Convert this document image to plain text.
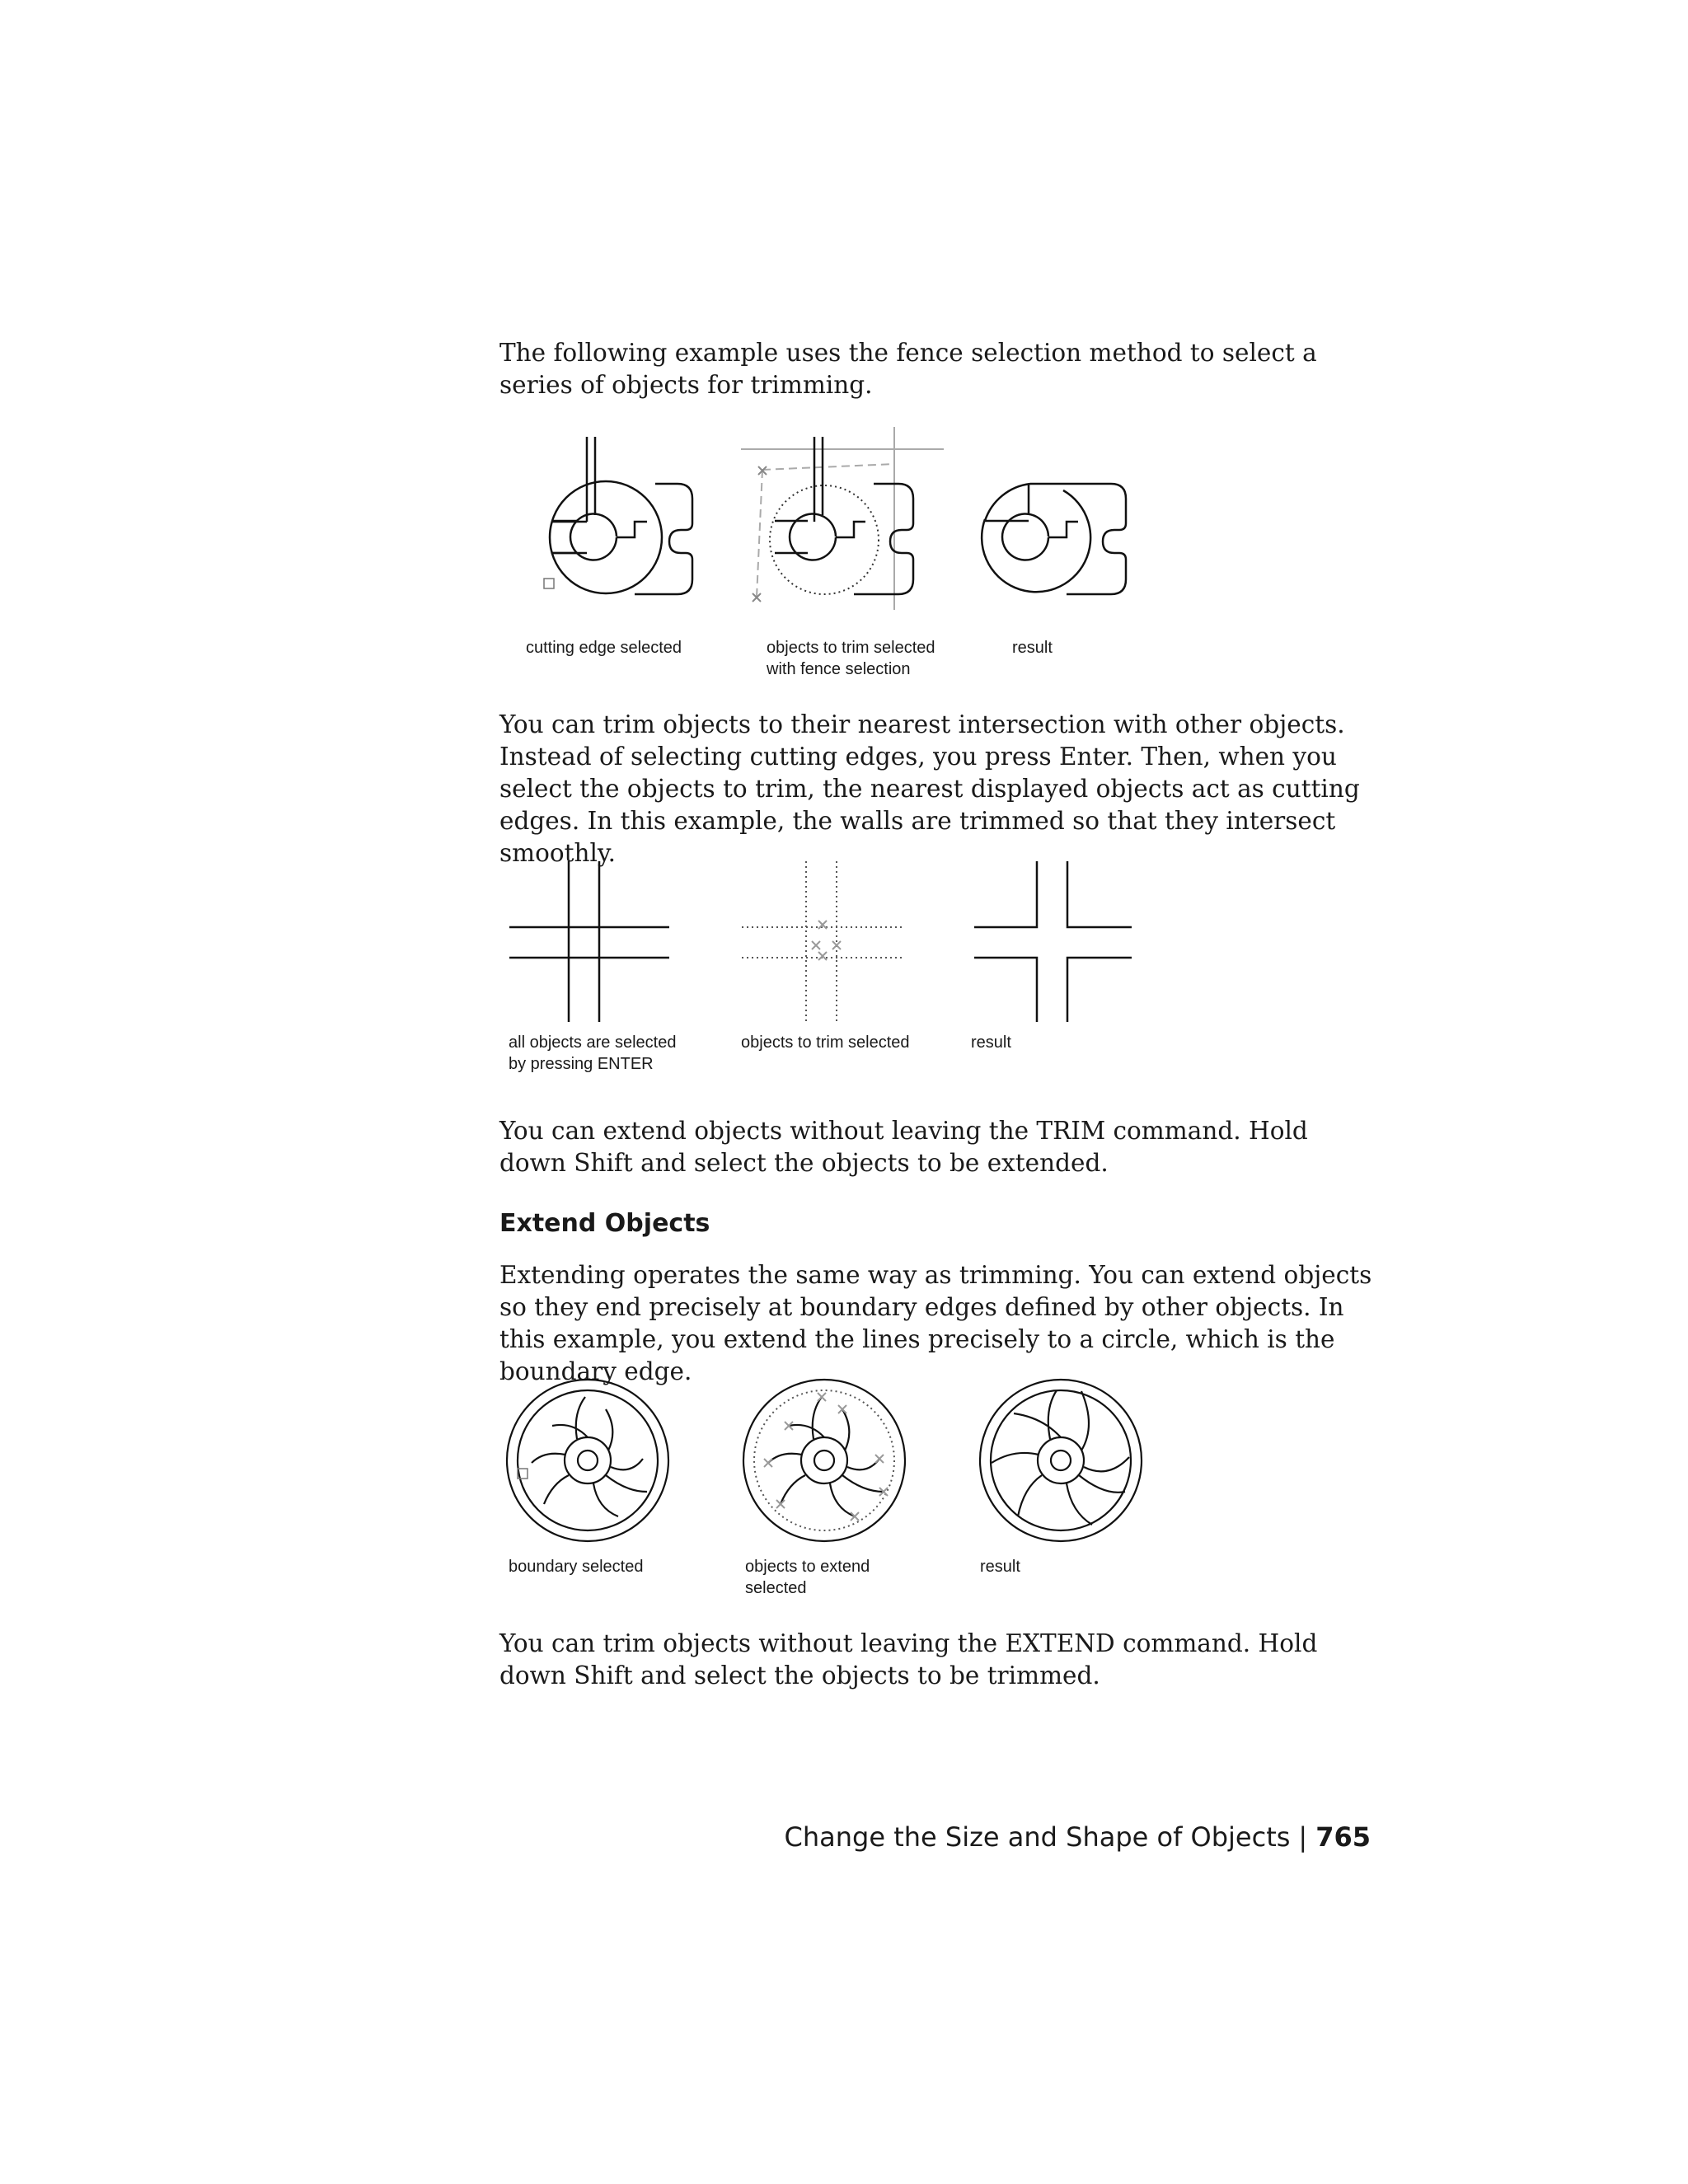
The following example uses the fence selection method to select a series of objects for trimming.

cutting edge selected	objects to trim selected
with fence selection
result

You can trim objects to their nearest intersection with other objects. Instead of selecting cutting edges, you press Enter. Then, when you select the objects to trim, the nearest displayed objects act as cutting edges. In this example, the walls are trimmed so that they intersect smoothly.

all objects are selected
by pressing ENTER
objects to trim selected	result

You can extend objects without leaving the TRIM command. Hold down Shift and select the objects to be extended.

Extend Objects

Extending operates the same way as trimming. You can extend objects so they end precisely at boundary edges defined by other objects. In this example, you extend the lines precisely to a circle, which is the boundary edge.

boundary selected	objects to extend
selected
result

You can trim objects without leaving the EXTEND command. Hold down Shift and select the objects to be trimmed.

Change the Size and Shape of Objects | 765
